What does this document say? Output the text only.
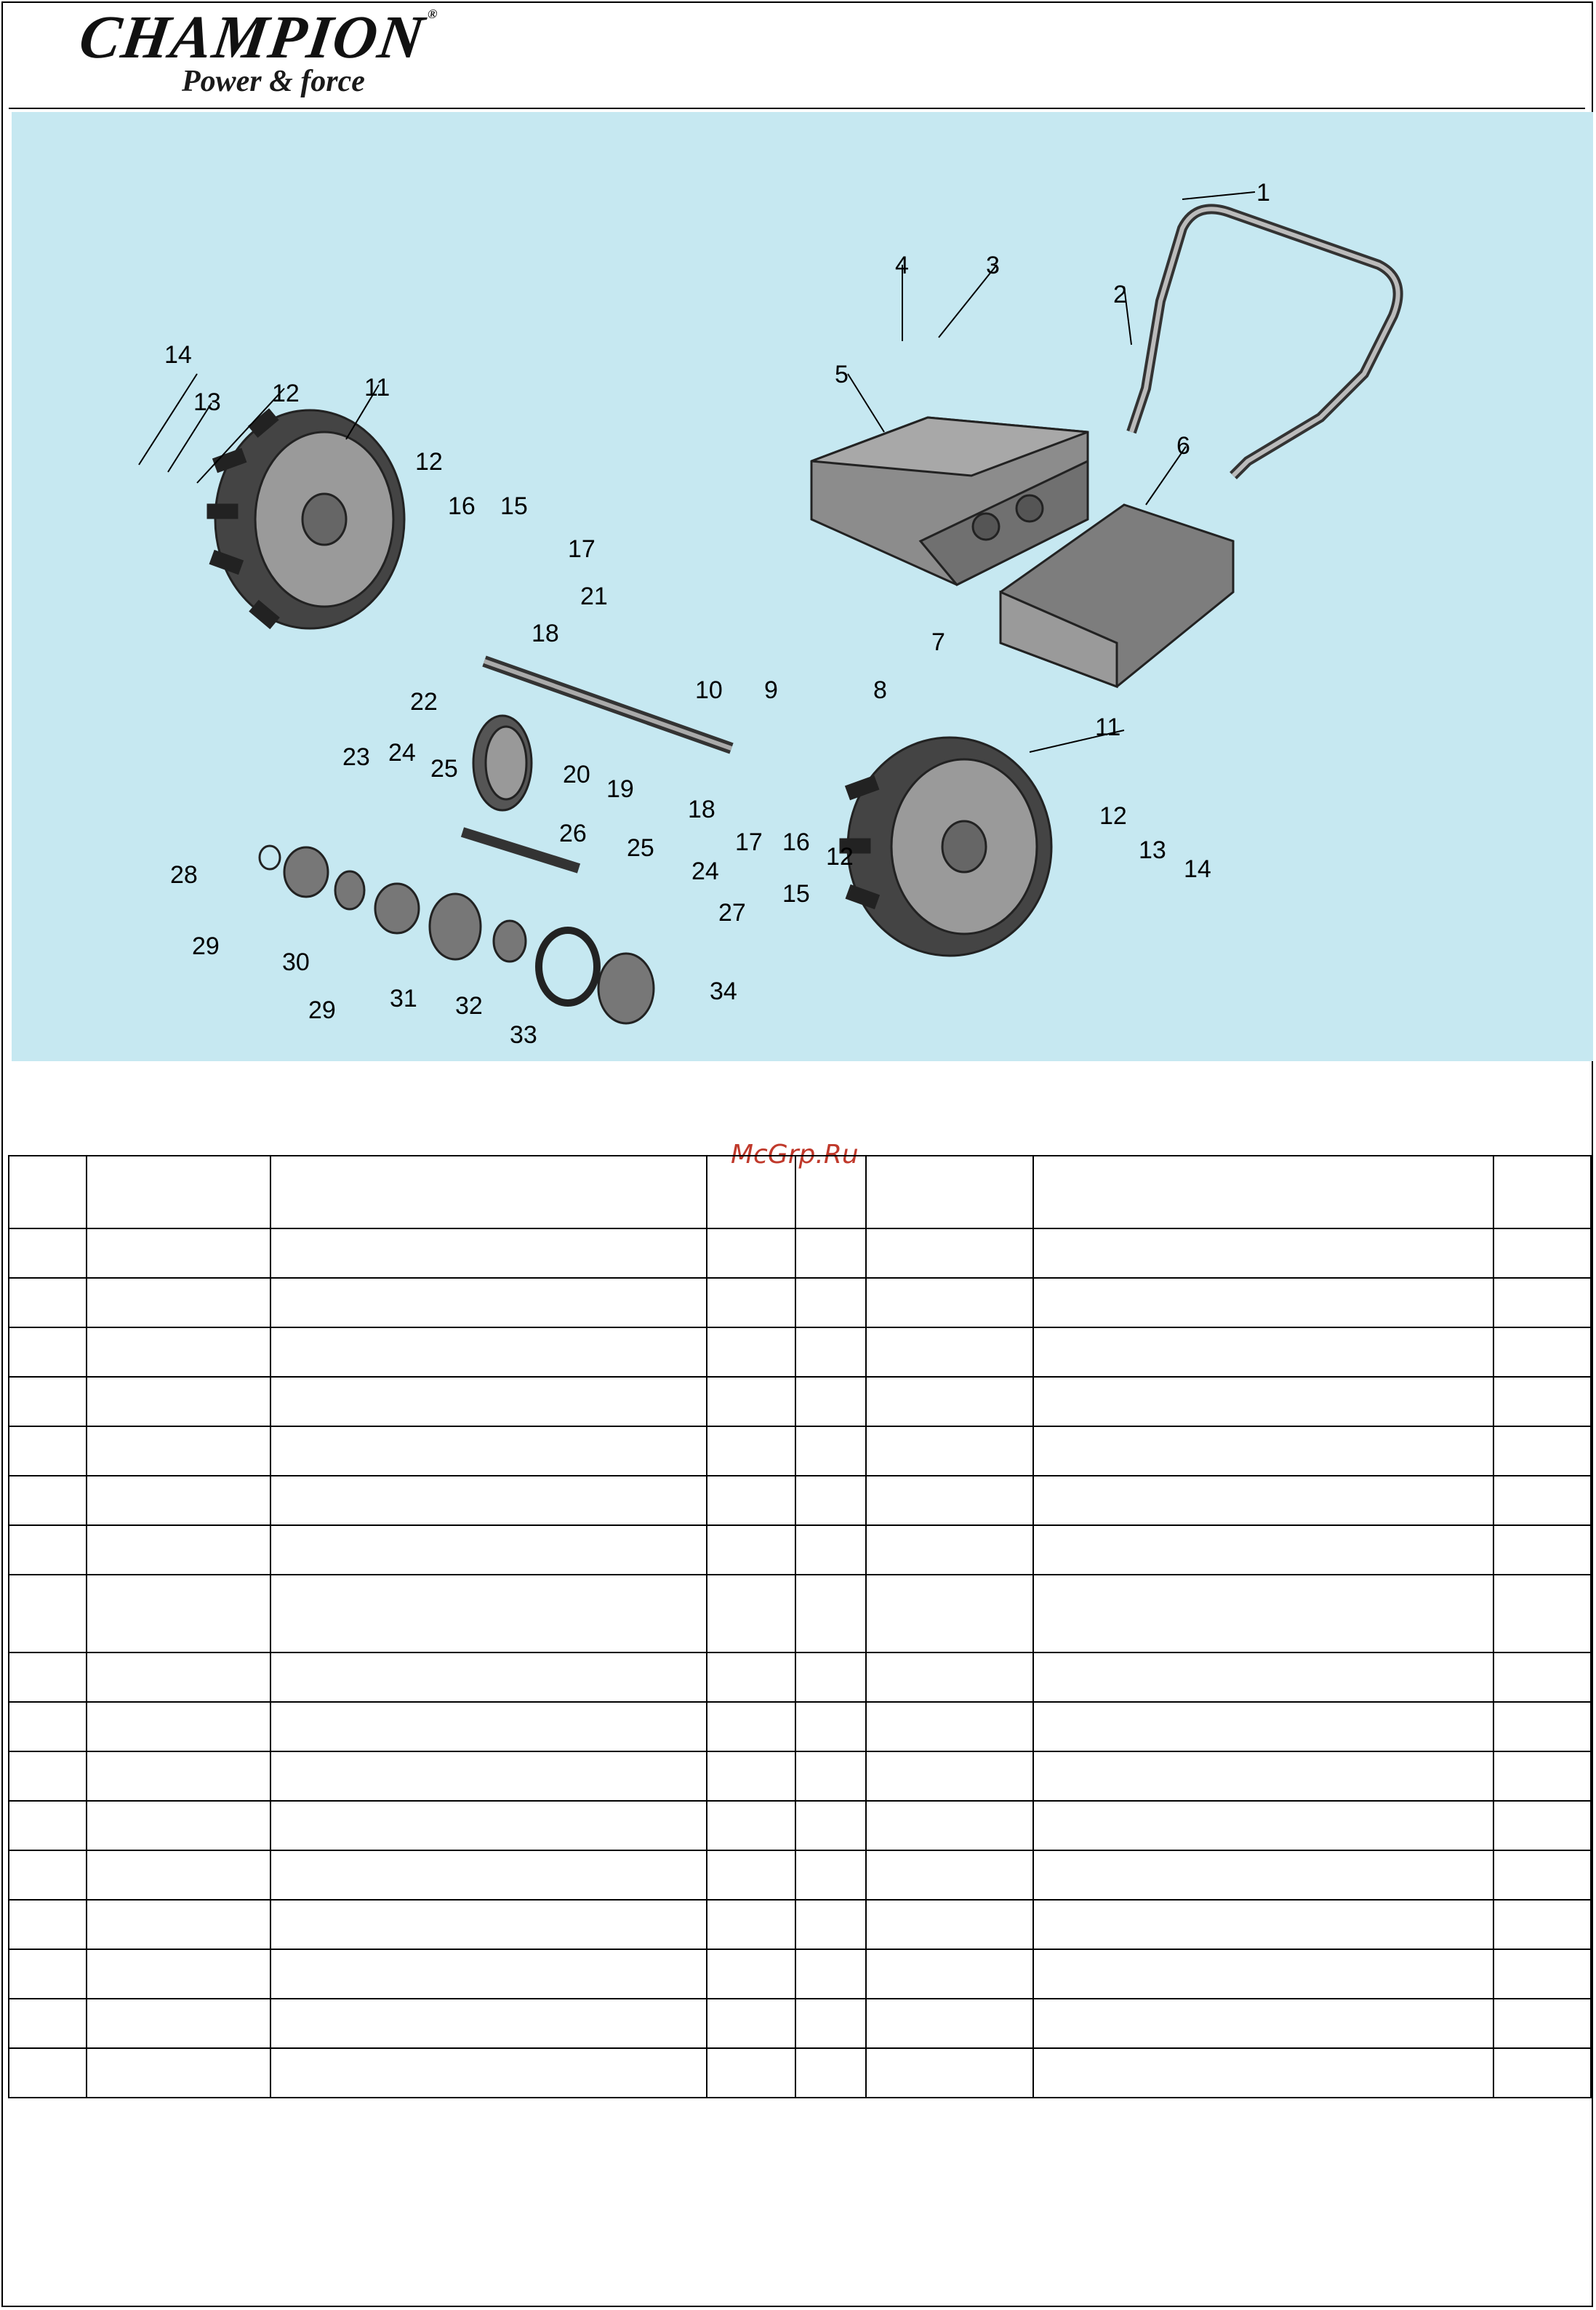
CHAMPION®
Power & force
1
2
3
4
5
6
7
8
9
10
11
11
12
12
12
12
13
13
14
14
15
15
16
16
17
17
18
18
19
20
21
22
23 24
24
25
25
26
27
28
29
29
30
31 32
33
34
McGrp.Ru
